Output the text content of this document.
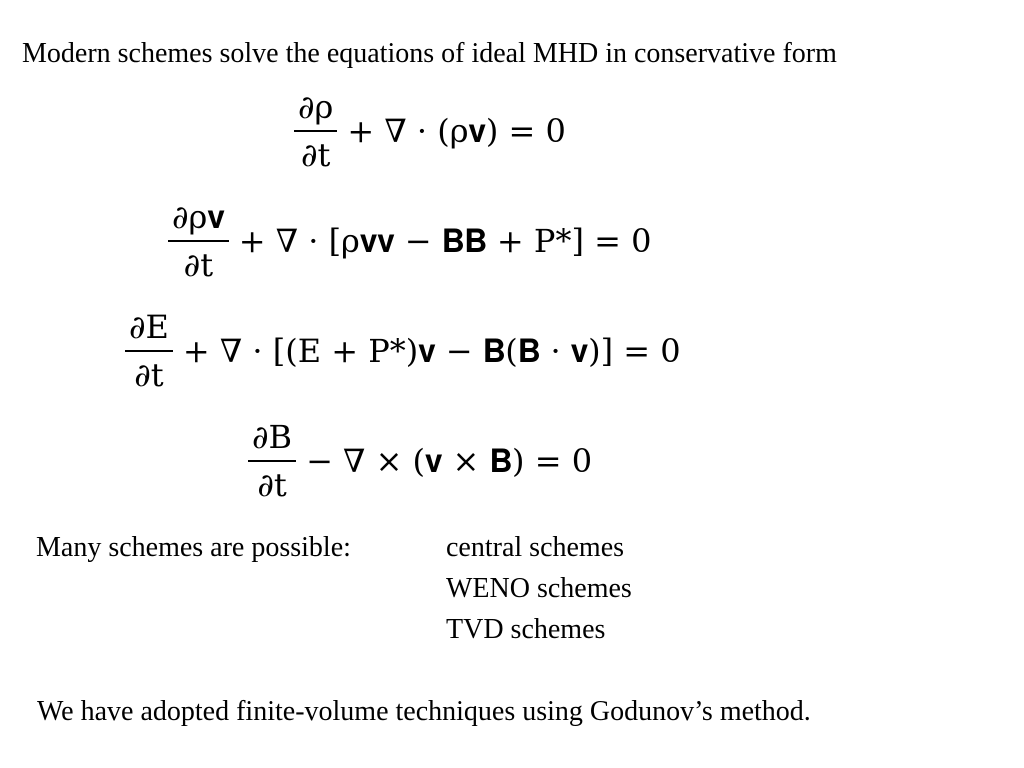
Modern schemes solve the equations of ideal MHD in conservative form
$\frac{\partial\rho}{\partial t}$ + ∇ · (ρ𝐯) = 0
$\frac{\text{∂ρ𝐯}}{\partial t}$ + ∇ · [ρ𝐯𝐯 − 𝐁𝐁 + P*] = 0
$\frac{\partial E}{\partial t}$ + ∇ · [(E + P*)𝐯 − 𝐁(𝐁 · 𝐯)] = 0
$\frac{\partial B}{\partial t}$ − ∇ × (𝐯 × 𝐁) = 0
Many schemes are possible:	central schemes
WENO schemes
TVD schemes
We have adopted finite-volume techniques using Godunov’s method.
